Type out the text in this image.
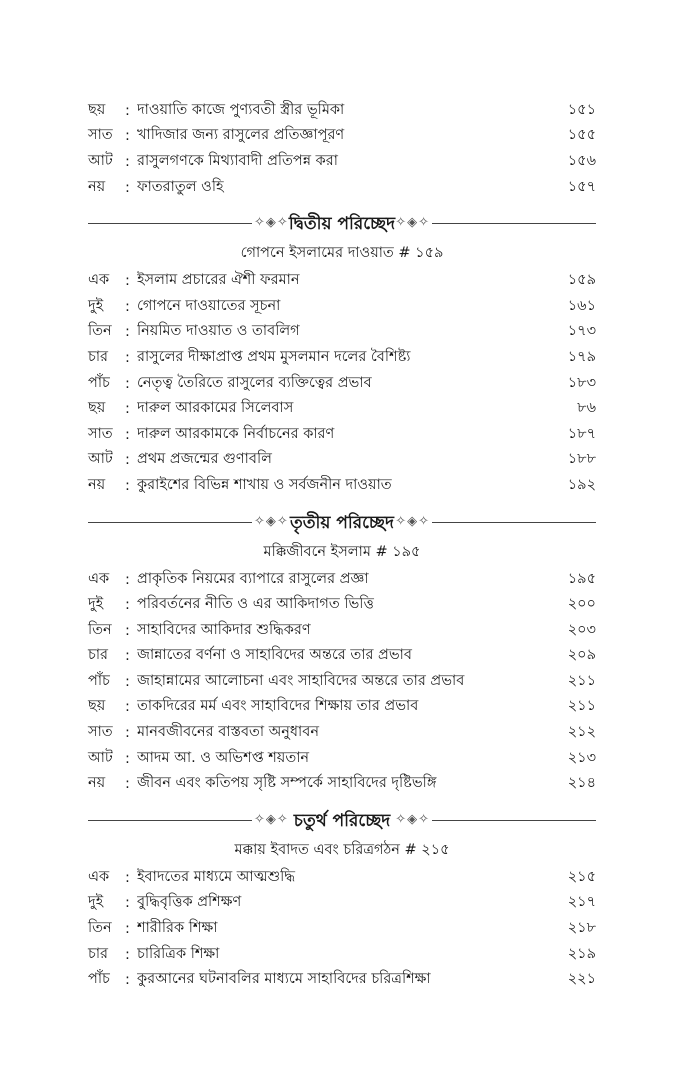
ছয়	: দাওয়াতি কাজে পুণ্যবতী স্ত্রীর ভূমিকা	১৫১
সাত : খাদিজার জন্য রাসুলের প্রতিজ্ঞাপূরণ	১৫৫
আট : রাসুলগণকে মিথ্যাবাদী প্রতিপন্ন করা	১৫৬
নয়	: ফাতরাতুল ওহি	১৫৭
✧◈✧ দ্বিতীয় পরিচ্ছেদ ✧◈✧
গোপনে ইসলামের দাওয়াত # ১৫৯
এক	: ইসলাম প্রচারের ঐশী ফরমান	১৫৯
দুই	: গোপনে দাওয়াতের সূচনা	১৬১
তিন : নিয়মিত দাওয়াত ও তাবলিগ	১৭৩
চার	: রাসুলের দীক্ষাপ্রাপ্ত প্রথম মুসলমান দলের বৈশিষ্ট্য	১৭৯
পাঁচ	: নেতৃত্ব তৈরিতে রাসুলের ব্যক্তিত্বের প্রভাব	১৮৩
ছয়	: দারুল আরকামের সিলেবাস	৮৬
সাত : দারুল আরকামকে নির্বাচনের কারণ	১৮৭
আট : প্রথম প্রজন্মের গুণাবলি	১৮৮
নয়	: কুরাইশের বিভিন্ন শাখায় ও সর্বজনীন দাওয়াত	১৯২
✧◈✧ তৃতীয় পরিচ্ছেদ ✧◈✧
মক্কিজীবনে ইসলাম # ১৯৫
এক	: প্রাকৃতিক নিয়মের ব্যাপারে রাসুলের প্রজ্ঞা	১৯৫
দুই	: পরিবর্তনের নীতি ও এর আকিদাগত ভিত্তি	২০০
তিন : সাহাবিদের আকিদার শুদ্ধিকরণ	২০৩
চার	: জান্নাতের বর্ণনা ও সাহাবিদের অন্তরে তার প্রভাব	২০৯
পাঁচ	: জাহান্নামের আলোচনা এবং সাহাবিদের অন্তরে তার প্রভাব	২১১
ছয়	: তাকদিরের মর্ম এবং সাহাবিদের শিক্ষায় তার প্রভাব	২১১
সাত : মানবজীবনের বাস্তবতা অনুধাবন	২১২
আট : আদম আ. ও অভিশপ্ত শয়তান	২১৩
নয়	: জীবন এবং কতিপয় সৃষ্টি সম্পর্কে সাহাবিদের দৃষ্টিভঙ্গি	২১৪
✧◈✧ চতুর্থ পরিচ্ছেদ ✧◈✧
মক্কায় ইবাদত এবং চরিত্রগঠন # ২১৫
এক	: ইবাদতের মাধ্যমে আত্মশুদ্ধি	২১৫
দুই	: বুদ্ধিবৃত্তিক প্রশিক্ষণ	২১৭
তিন : শারীরিক শিক্ষা	২১৮
চার	: চারিত্রিক শিক্ষা	২১৯
পাঁচ	: কুরআনের ঘটনাবলির মাধ্যমে সাহাবিদের চরিত্রশিক্ষা	২২১
